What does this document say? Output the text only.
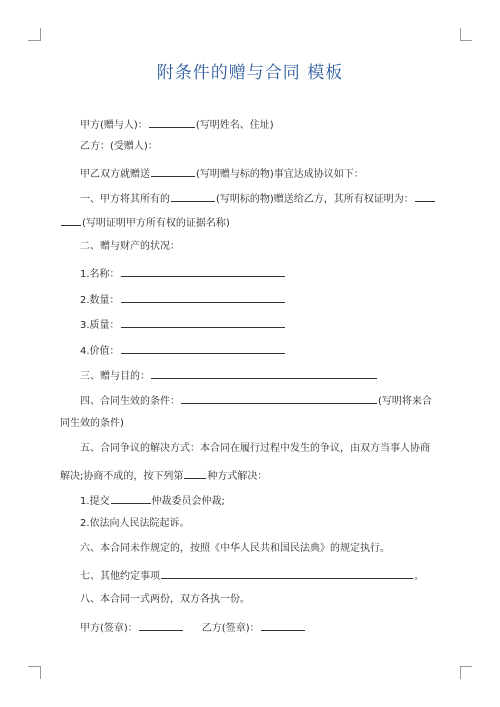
附条件的赠与合同 模板
甲方(赠与人)：	(写明姓名、住址)
乙方：(受赠人)：
甲乙双方就赠送	(写明赠与标的物)事宜达成协议如下：
一、甲方将其所有的	(写明标的物)赠送给乙方，其所有权证明为：
(写明证明甲方所有权的证据名称)
二、赠与财产的状况：
1.名称：
2.数量：
3.质量：
4.价值：
三、赠与目的：
四、合同生效的条件：	(写明将来合
同生效的条件)
五、合同争议的解决方式：本合同在履行过程中发生的争议，由双方当事人协商
解决;协商不成的，按下列第 种方式解决：
1.提交	仲裁委员会仲裁;
2.依法向人民法院起诉。
六、本合同未作规定的，按照《中华人民共和国民法典》的规定执行。
七、其他约定事项	。
八、本合同一式两份，双方各执一份。
甲方(签章)：	乙方(签章)：
